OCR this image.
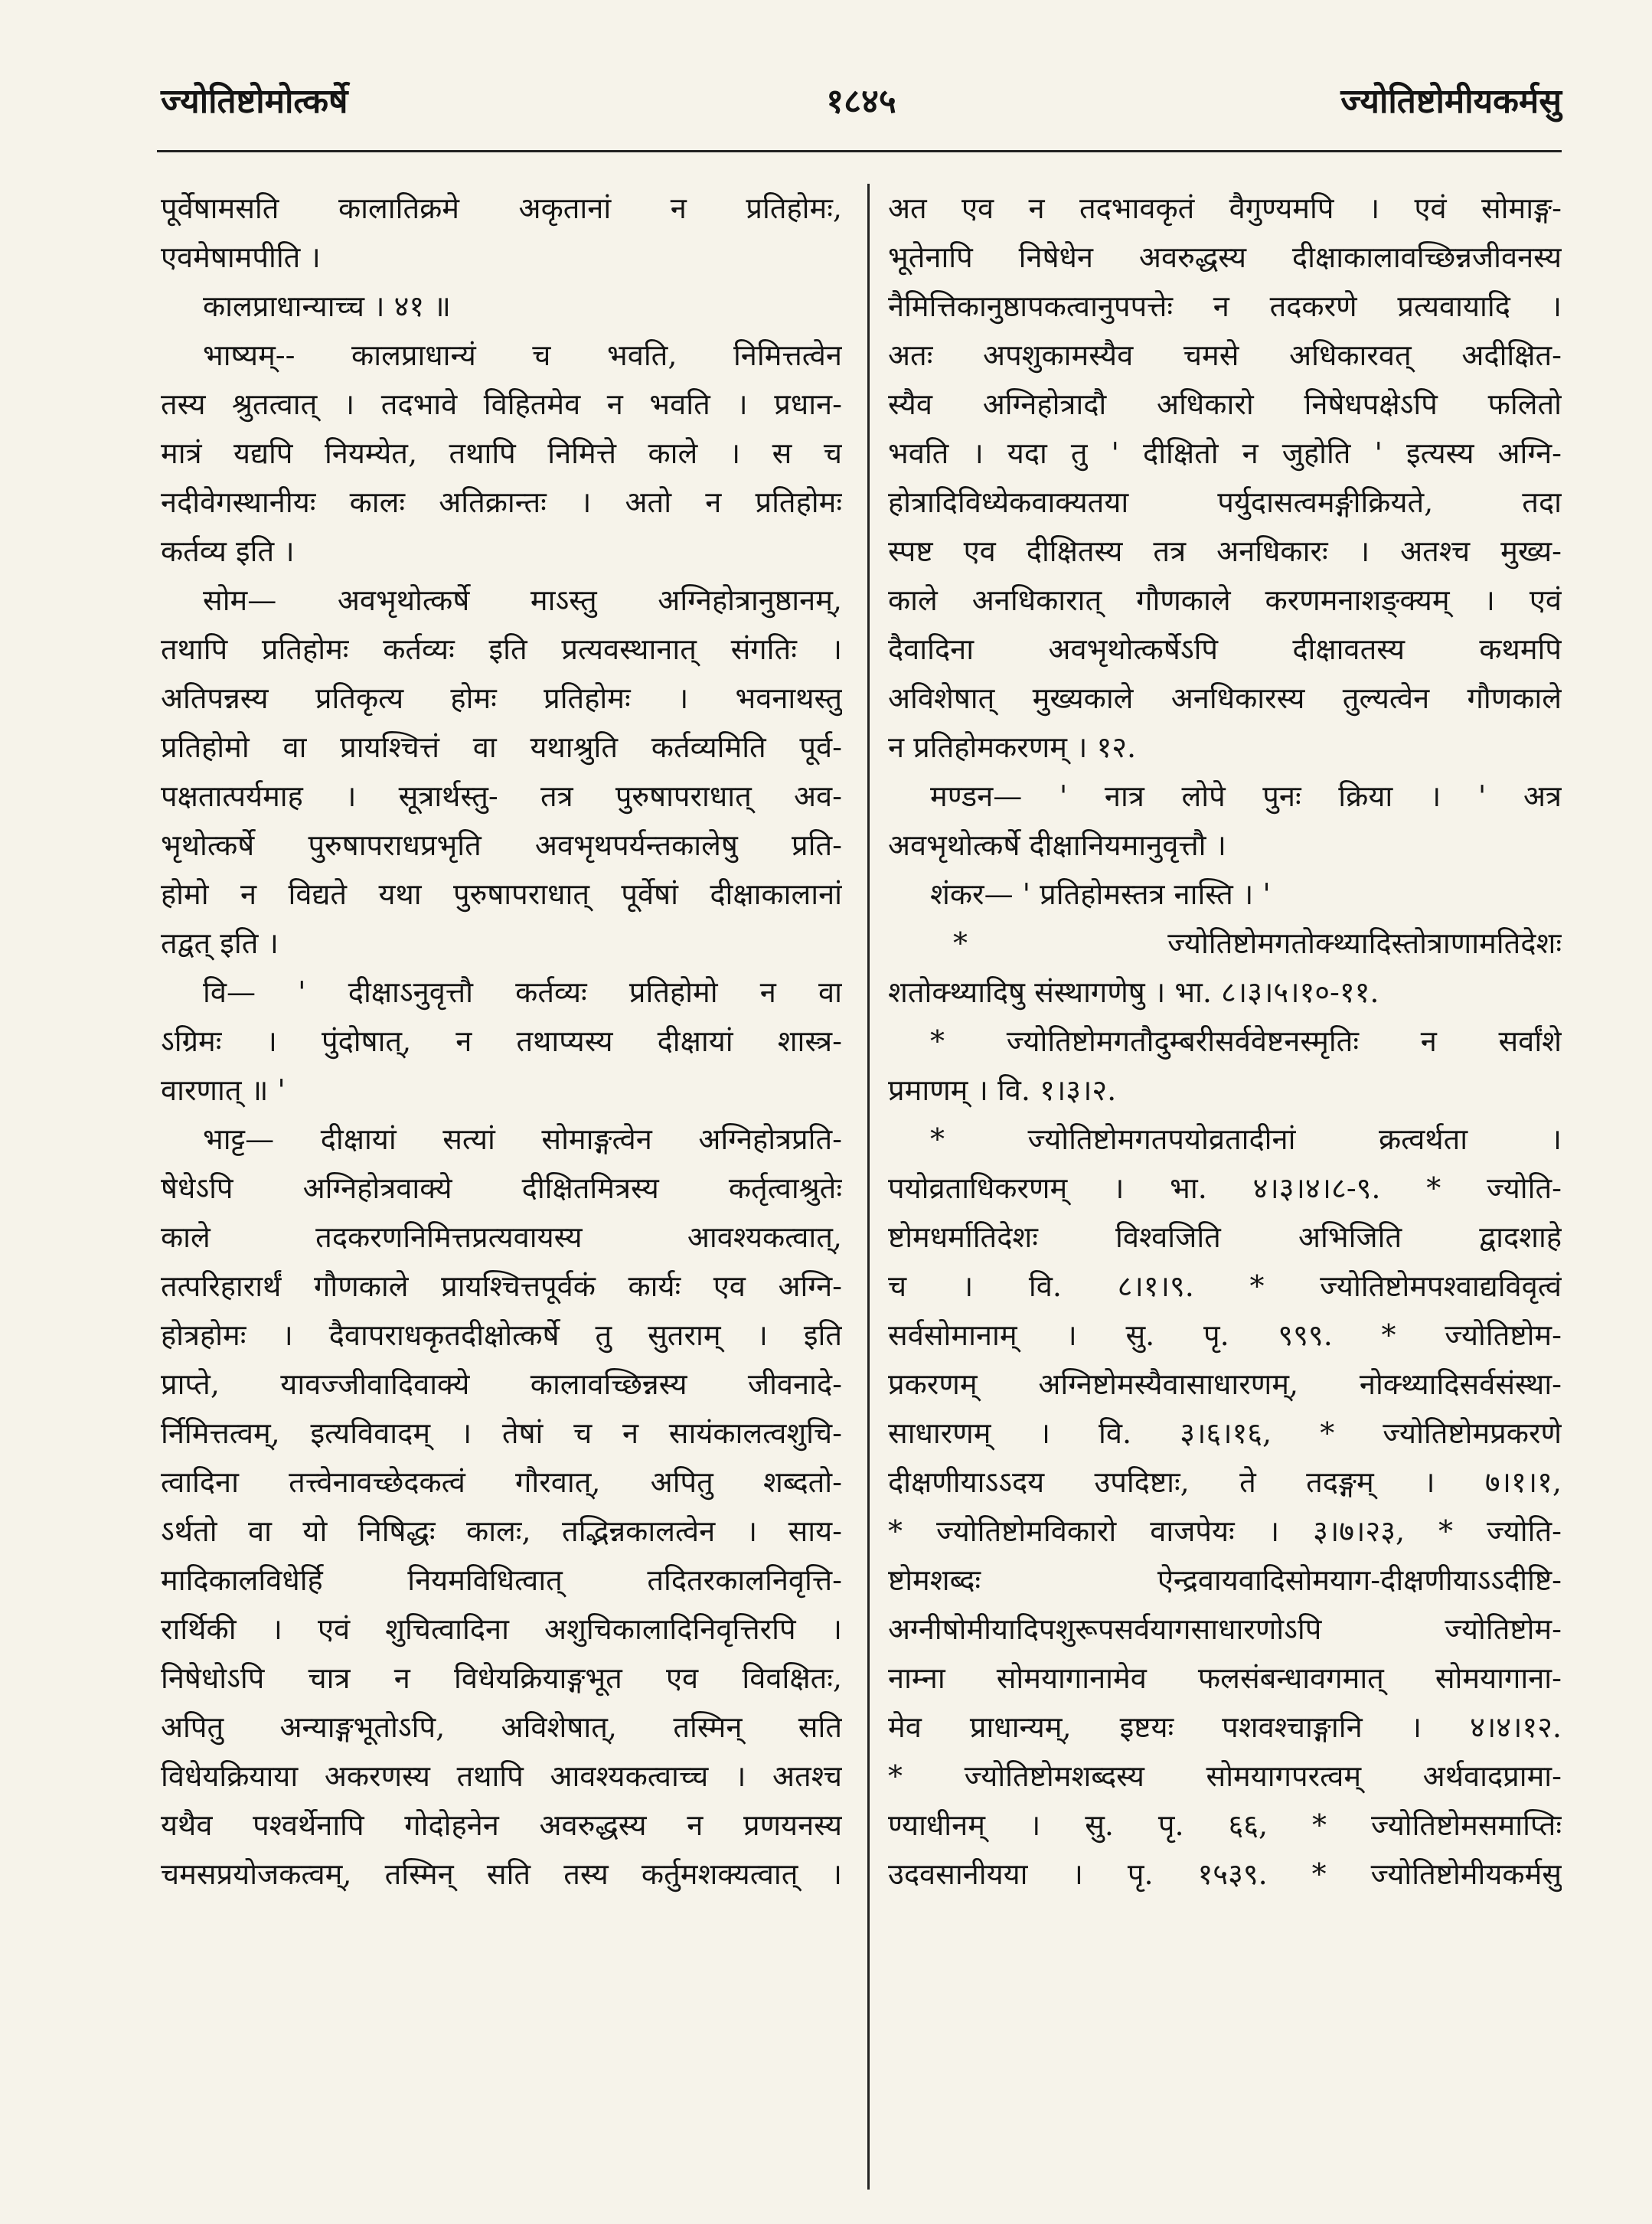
ज्योतिष्टोमोत्कर्षे	१८४५	ज्योतिष्टोमीयकर्मसु
पूर्वेषामसति कालातिक्रमे अकृतानां न प्रतिहोमः,
एवमेषामपीति ।
कालप्राधान्याच्च । ४१ ॥
भाष्यम्-- कालप्राधान्यं च भवति, निमित्तत्वेन
तस्य श्रुतत्वात् । तदभावे विहितमेव न भवति । प्रधान-
मात्रं यद्यपि नियम्येत, तथापि निमित्ते काले । स च
नदीवेगस्थानीयः कालः अतिक्रान्तः । अतो न प्रतिहोमः
कर्तव्य इति ।
सोम— अवभृथोत्कर्षे माऽस्तु अग्निहोत्रानुष्ठानम्,
तथापि प्रतिहोमः कर्तव्यः इति प्रत्यवस्थानात् संगतिः ।
अतिपन्नस्य प्रतिकृत्य होमः प्रतिहोमः । भवनाथस्तु
प्रतिहोमो वा प्रायश्चित्तं वा यथाश्रुति कर्तव्यमिति पूर्व-
पक्षतात्पर्यमाह । सूत्रार्थस्तु- तत्र पुरुषापराधात् अव-
भृथोत्कर्षे पुरुषापराधप्रभृति अवभृथपर्यन्तकालेषु प्रति-
होमो न विद्यते यथा पुरुषापराधात् पूर्वेषां दीक्षाकालानां
तद्वत् इति ।
वि— ' दीक्षाऽनुवृत्तौ कर्तव्यः प्रतिहोमो न वा
ऽग्रिमः । पुंदोषात्, न तथाप्यस्य दीक्षायां शास्त्र-
वारणात् ॥ '
भाट्ट— दीक्षायां सत्यां सोमाङ्गत्वेन अग्निहोत्रप्रति-
षेधेऽपि अग्निहोत्रवाक्ये दीक्षितमित्रस्य कर्तृत्वाश्रुतेः
काले तदकरणनिमित्तप्रत्यवायस्य आवश्यकत्वात्,
तत्परिहारार्थं गौणकाले प्रायश्चित्तपूर्वकं कार्यः एव अग्नि-
होत्रहोमः । दैवापराधकृतदीक्षोत्कर्षे तु सुतराम् । इति
प्राप्ते, यावज्जीवादिवाक्ये कालावच्छिन्नस्य जीवनादे-
र्निमित्तत्वम्, इत्यविवादम् । तेषां च न सायंकालत्वशुचि-
त्वादिना तत्त्वेनावच्छेदकत्वं गौरवात्, अपितु शब्दतो-
ऽर्थतो वा यो निषिद्धः कालः, तद्भिन्नकालत्वेन । साय-
मादिकालविधेर्हि नियमविधित्वात् तदितरकालनिवृत्ति-
रार्थिकी । एवं शुचित्वादिना अशुचिकालादिनिवृत्तिरपि ।
निषेधोऽपि चात्र न विधेयक्रियाङ्गभूत एव विवक्षितः,
अपितु अन्याङ्गभूतोऽपि, अविशेषात्, तस्मिन् सति
विधेयक्रियाया अकरणस्य तथापि आवश्यकत्वाच्च । अतश्च
यथैव पश्वर्थेनापि गोदोहनेन अवरुद्धस्य न प्रणयनस्य
चमसप्रयोजकत्वम्, तस्मिन् सति तस्य कर्तुमशक्यत्वात् ।
अत एव न तदभावकृतं वैगुण्यमपि । एवं सोमाङ्ग-
भूतेनापि निषेधेन अवरुद्धस्य दीक्षाकालावच्छिन्नजीवनस्य
नैमित्तिकानुष्ठापकत्वानुपपत्तेः न तदकरणे प्रत्यवायादि ।
अतः अपशुकामस्यैव चमसे अधिकारवत् अदीक्षित-
स्यैव अग्निहोत्रादौ अधिकारो निषेधपक्षेऽपि फलितो
भवति । यदा तु ' दीक्षितो न जुहोति ' इत्यस्य अग्नि-
होत्रादिविध्येकवाक्यतया पर्युदासत्वमङ्गीक्रियते, तदा
स्पष्ट एव दीक्षितस्य तत्र अनधिकारः । अतश्च मुख्य-
काले अनधिकारात् गौणकाले करणमनाशङ्क्यम् । एवं
दैवादिना अवभृथोत्कर्षेऽपि दीक्षावतस्य कथमपि
अविशेषात् मुख्यकाले अनधिकारस्य तुल्यत्वेन गौणकाले
न प्रतिहोमकरणम् । १२.
मण्डन— ' नात्र लोपे पुनः क्रिया । ' अत्र
अवभृथोत्कर्षे दीक्षानियमानुवृत्तौ ।
शंकर— ' प्रतिहोमस्तत्र नास्ति । '
* ज्योतिष्टोमगतोक्थ्यादिस्तोत्राणामतिदेशः
शतोक्थ्यादिषु संस्थागणेषु । भा. ८।३।५।१०-११.
* ज्योतिष्टोमगतौदुम्बरीसर्ववेष्टनस्मृतिः न सर्वांशे
प्रमाणम् । वि. १।३।२.
* ज्योतिष्टोमगतपयोव्रतादीनां क्रत्वर्थता ।
पयोव्रताधिकरणम् । भा. ४।३।४।८-९. * ज्योति-
ष्टोमधर्मातिदेशः विश्वजिति अभिजिति द्वादशाहे
च । वि. ८।१।९. * ज्योतिष्टोमपश्वाद्यविवृत्वं
सर्वसोमानाम् । सु. पृ. ९९९. * ज्योतिष्टोम-
प्रकरणम् अग्निष्टोमस्यैवासाधारणम्, नोक्थ्यादिसर्वसंस्था-
साधारणम् । वि. ३।६।१६, * ज्योतिष्टोमप्रकरणे
दीक्षणीयाऽऽदय उपदिष्टाः, ते तदङ्गम् । ७।१।१,
* ज्योतिष्टोमविकारो वाजपेयः । ३।७।२३, * ज्योति-
ष्टोमशब्दः ऐन्द्रवायवादिसोमयाग-दीक्षणीयाऽऽदीष्टि-
अग्नीषोमीयादिपशुरूपसर्वयागसाधारणोऽपि ज्योतिष्टोम-
नाम्ना सोमयागानामेव फलसंबन्धावगमात् सोमयागाना-
मेव प्राधान्यम्, इष्टयः पशवश्चाङ्गानि । ४।४।१२.
* ज्योतिष्टोमशब्दस्य सोमयागपरत्वम् अर्थवादप्रामा-
ण्याधीनम् । सु. पृ. ६६, * ज्योतिष्टोमसमाप्तिः
उदवसानीयया । पृ. १५३९. * ज्योतिष्टोमीयकर्मसु
